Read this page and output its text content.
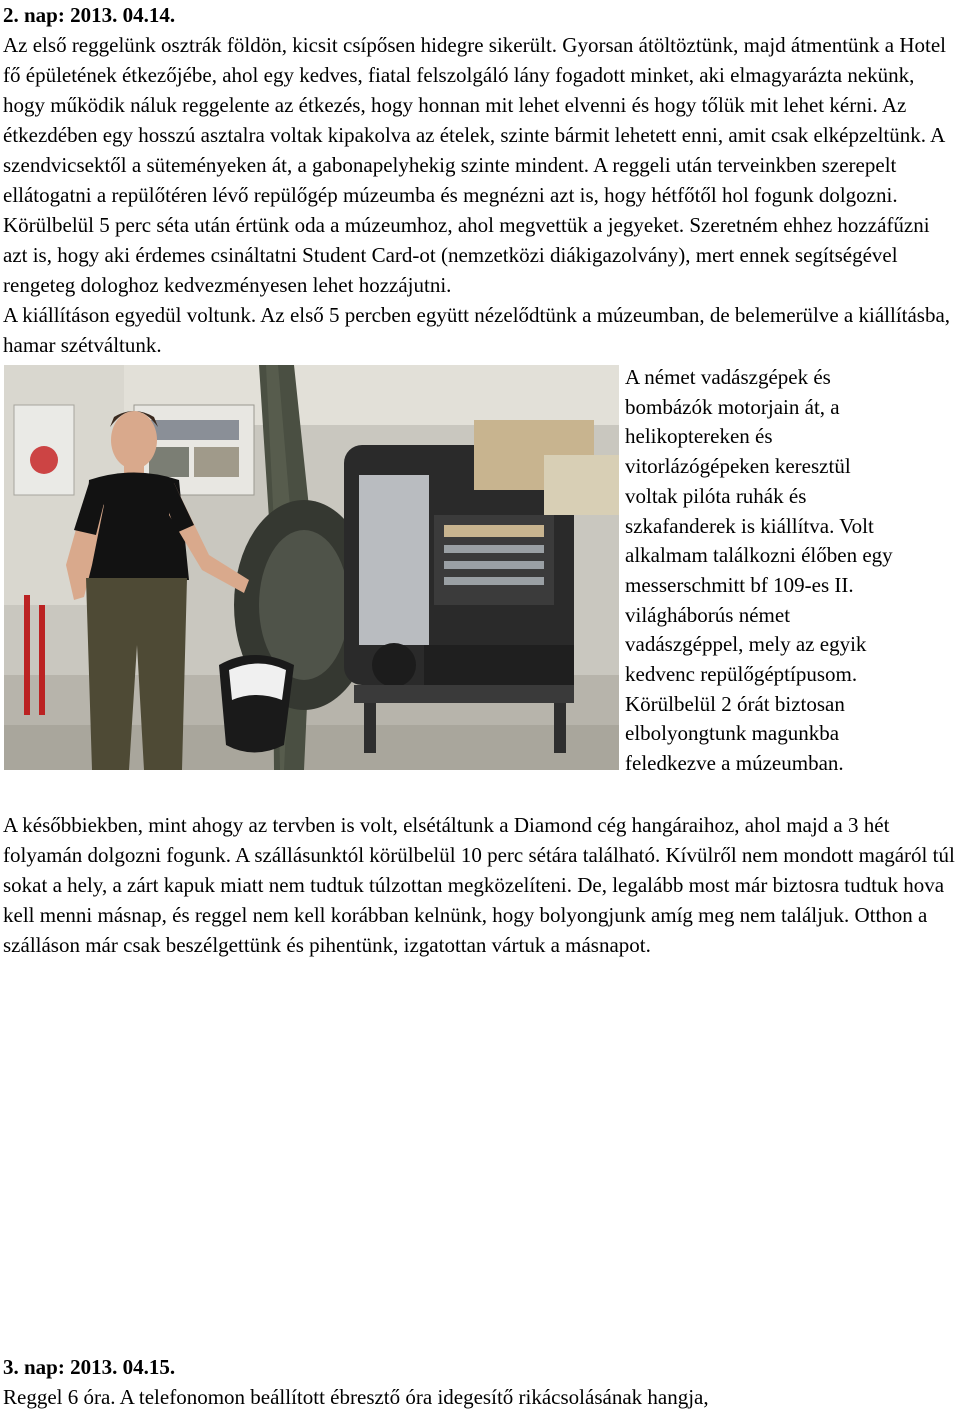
2. nap: 2013. 04.14.

Az első reggelünk osztrák földön, kicsit csípősen hidegre sikerült. Gyorsan átöltöztünk, majd átmentünk a Hotel fő épületének étkezőjébe, ahol egy kedves, fiatal felszolgáló lány fogadott minket, aki elmagyarázta nekünk, hogy működik náluk reggelente az étkezés, hogy honnan mit lehet elvenni és hogy tőlük mit lehet kérni. Az étkezdében egy hosszú asztalra voltak kipakolva az ételek, szinte bármit lehetett enni, amit csak elképzeltünk. A szendvicsektől a süteményeken át, a gabonapelyhekig szinte mindent. A reggeli után terveinkben szerepelt ellátogatni a repülőtéren lévő repülőgép múzeumba és megnézni azt is, hogy hétfőtől hol fogunk dolgozni.

Körülbelül 5 perc séta után értünk oda a múzeumhoz, ahol megvettük a jegyeket. Szeretném ehhez hozzáfűzni azt is, hogy aki érdemes csináltatni Student Card-ot (nemzetközi diákigazolvány), mert ennek segítségével rengeteg dologhoz kedvezményesen lehet hozzájutni.

A kiállításon egyedül voltunk. Az első 5 percben együtt nézelődtünk a múzeumban, de belemerülve a kiállításba, hamar szétváltunk.

A német vadászgépek és
bombázók motorjain át, a
helikoptereken és
vitorlázógépeken keresztül
voltak pilóta ruhák és
szkafanderek is kiállítva. Volt
alkalmam találkozni élőben egy
messerschmitt bf 109-es II.
világháborús német
vadászgéppel, mely az egyik
kedvenc repülőgéptípusom.
Körülbelül 2 órát biztosan
elbolyongtunk magunkba
feledkezve a múzeumban.

A későbbiekben, mint ahogy az tervben is volt, elsétáltunk a Diamond cég hangáraihoz, ahol majd a 3 hét folyamán dolgozni fogunk. A szállásunktól körülbelül 10 perc sétára található. Kívülről nem mondott magáról túl sokat a hely, a zárt kapuk miatt nem tudtuk túlzottan megközelíteni. De, legalább most már biztosra tudtuk hova kell menni másnap, és reggel nem kell korábban kelnünk, hogy bolyongjunk amíg meg nem találjuk. Otthon a szálláson már csak beszélgettünk és pihentünk, izgatottan vártuk a másnapot.

3. nap: 2013. 04.15.

Reggel 6 óra. A telefonomon beállított ébresztő óra idegesítő rikácsolásának hangja,
